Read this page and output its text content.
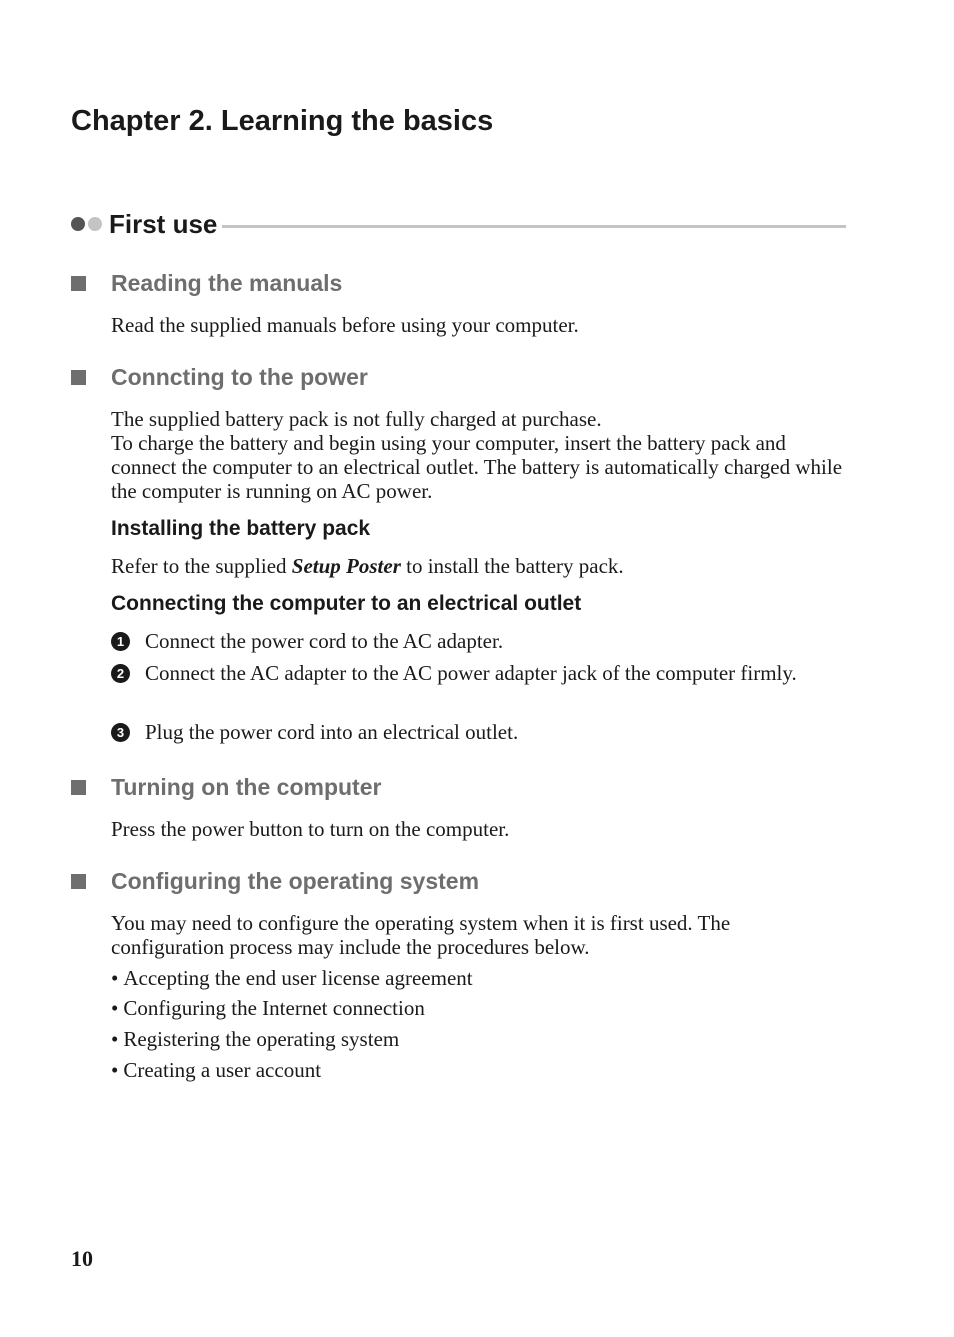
Chapter 2. Learning the basics
First use
Reading the manuals

Read the supplied manuals before using your computer.

Conncting to the power

The supplied battery pack is not fully charged at purchase.

To charge the battery and begin using your computer, insert the battery pack and connect the computer to an electrical outlet. The battery is automatically charged while the computer is running on AC power.

Installing the battery pack

Refer to the supplied Setup Poster to install the battery pack.

Connecting the computer to an electrical outlet
1 Connect the power cord to the AC adapter.
2 Connect the AC adapter to the AC power adapter jack of the computer firmly.
3 Plug the power cord into an electrical outlet.
Turning on the computer

Press the power button to turn on the computer.

Configuring the operating system

You may need to configure the operating system when it is first used. The configuration process may include the procedures below.

• Accepting the end user license agreement
• Configuring the Internet connection
• Registering the operating system
• Creating a user account
10
